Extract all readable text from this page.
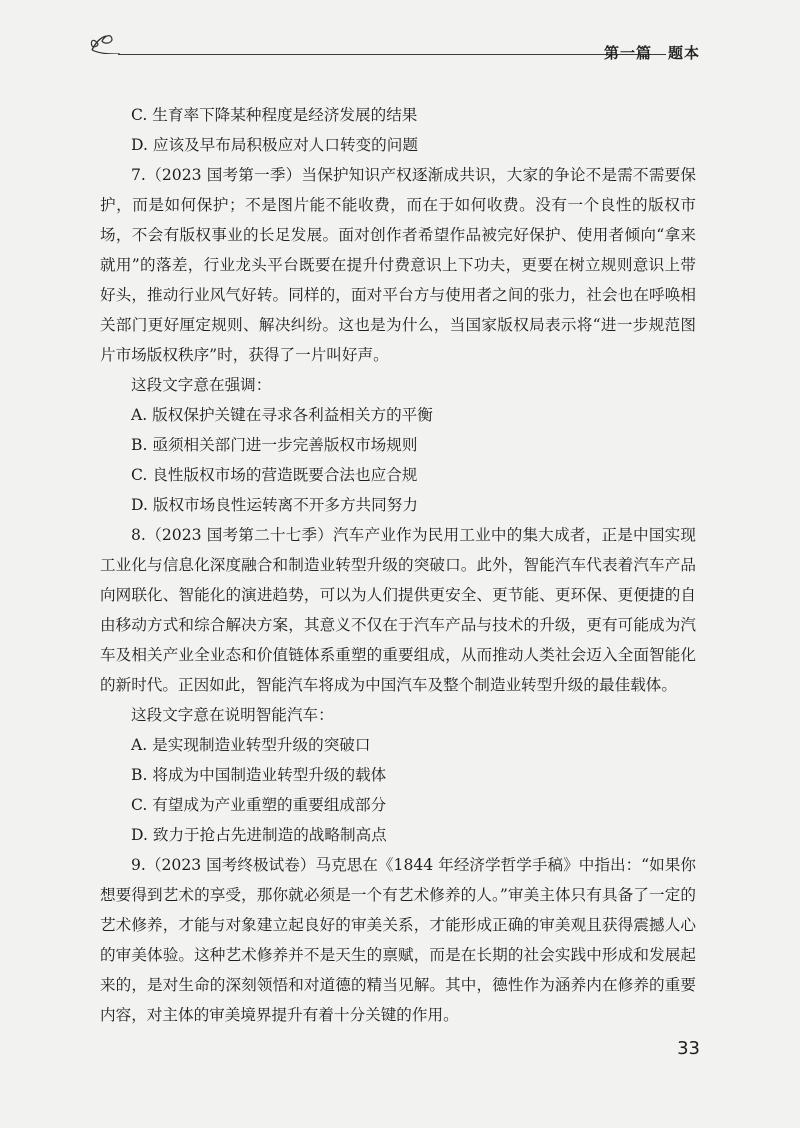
第一篇　题本

C. 生育率下降某种程度是经济发展的结果

D. 应该及早布局积极应对人口转变的问题

7.（2023 国考第一季）当保护知识产权逐渐成共识，大家的争论不是需不需要保护，而是如何保护；不是图片能不能收费，而在于如何收费。没有一个良性的版权市场，不会有版权事业的长足发展。面对创作者希望作品被完好保护、使用者倾向“拿来就用”的落差，行业龙头平台既要在提升付费意识上下功夫，更要在树立规则意识上带好头，推动行业风气好转。同样的，面对平台方与使用者之间的张力，社会也在呼唤相关部门更好厘定规则、解决纠纷。这也是为什么，当国家版权局表示将“进一步规范图片市场版权秩序”时，获得了一片叫好声。

这段文字意在强调：

A. 版权保护关键在寻求各利益相关方的平衡

B. 亟须相关部门进一步完善版权市场规则

C. 良性版权市场的营造既要合法也应合规

D. 版权市场良性运转离不开多方共同努力

8.（2023 国考第二十七季）汽车产业作为民用工业中的集大成者，正是中国实现工业化与信息化深度融合和制造业转型升级的突破口。此外，智能汽车代表着汽车产品向网联化、智能化的演进趋势，可以为人们提供更安全、更节能、更环保、更便捷的自由移动方式和综合解决方案，其意义不仅在于汽车产品与技术的升级，更有可能成为汽车及相关产业全业态和价值链体系重塑的重要组成，从而推动人类社会迈入全面智能化的新时代。正因如此，智能汽车将成为中国汽车及整个制造业转型升级的最佳载体。

这段文字意在说明智能汽车：

A. 是实现制造业转型升级的突破口

B. 将成为中国制造业转型升级的载体

C. 有望成为产业重塑的重要组成部分

D. 致力于抢占先进制造的战略制高点

9.（2023 国考终极试卷）马克思在《1844 年经济学哲学手稿》中指出：“如果你想要得到艺术的享受，那你就必须是一个有艺术修养的人。”审美主体只有具备了一定的艺术修养，才能与对象建立起良好的审美关系，才能形成正确的审美观且获得震撼人心的审美体验。这种艺术修养并不是天生的禀赋，而是在长期的社会实践中形成和发展起来的，是对生命的深刻领悟和对道德的精当见解。其中，德性作为涵养内在修养的重要内容，对主体的审美境界提升有着十分关键的作用。

33
